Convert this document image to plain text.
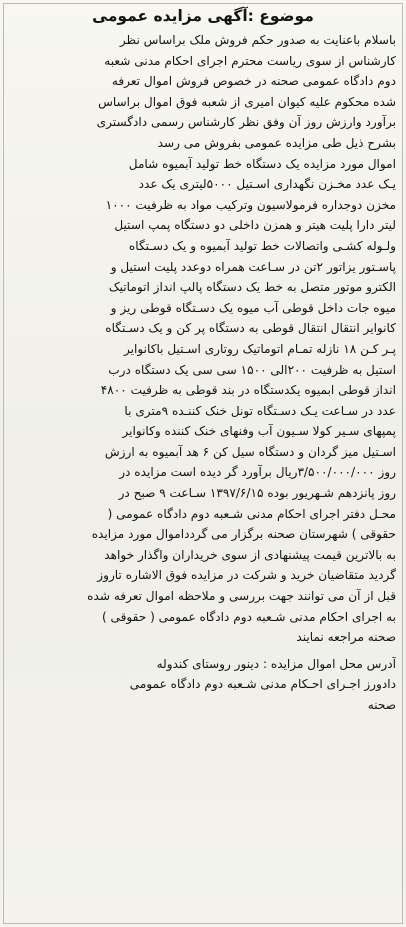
موضوع :آگهی مزایده عمومی
باسلام باعنایت به صدور حکم فروش ملک براساس نظر
کارشناس از سوی ریاست محترم اجرای احکام مدنی شعبه
دوم دادگاه عمومی صحنه در خصوص فروش اموال تعرفه
شده محکوم علیه کیوان امیری از شعبه فوق اموال براساس
برآورد وارزش روز آن وفق نظر کارشناس رسمی دادگستری
بشرح ذیل طی مزایده عمومی بفروش می رسد
اموال مورد مزایده یک دستگاه خط تولید آبمیوه شامل
یـک عدد مخـزن نگهداری اسـتیل ۵۰۰۰لیتری یک عدد
مخزن دوجداره فرمولاسیون وترکیب مواد به ظرفیت ۱۰۰۰
لیتر دارا پلیت هیتر و همزن داخلی دو دستگاه پمپ استیل
ولـوله کشـی واتصالات خط تولید آبمیوه و یک دسـتگاه
پاسـتور یزاتور ۲تن در سـاعت همراه دوعدد پلیت استیل و
الکترو موتور متصل به خط یک دستگاه پالپ انداز اتوماتیک
میوه جات داخل قوطی آب میوه یک دسـتگاه قوطی ریز و
کانوایر انتقال انتقال قوطی به دستگاه پر کن و یک دسـتگاه
پـر کـن ۱۸ نازله تمـام اتوماتیک روتاری اسـتیل باکانوایر
استیل به ظرفیت ۲۰۰الی ۱۵۰۰ سی سی یک دستگاه درب
انداز قوطی ابمیوه یکدستگاه در بند قوطی به ظرفیت ۴۸۰۰
عدد در سـاعت یـک دسـتگاه تونل خنک کننـده ۹متری با
پمپهای سـیر کولا سـیون آب وفنهای خنک کننده وکانوایر
اسـتیل میز گردان و دستگاه سیل کن ۶ هد آبمیوه به ارزش
روز ۳/۵۰۰/۰۰۰/۰۰۰ریال برآورد گر دیده است مزایده در
روز پانزدهم شـهریور بوده ۱۳۹۷/۶/۱۵ سـاعت ۹ صبح در
محـل دفتر اجرای احکام مدنی شـعبه دوم دادگاه عمومی (
حقوقی ) شهرستان صحنه برگزار می گردداموال مورد مزایده
به بالاترین قیمت پیشنهادی از سوی خریداران واگذار خواهد
گردید متقاضیان خرید و شرکت در مزایده فوق الاشاره تاروز
قبل از آن می توانند جهت بررسی و ملاحظه اموال تعرفه شده
به اجرای احکام مدنی شـعبه دوم دادگاه عمومی ( حقوقی )
صحنه مراجعه نمایند
آدرس محل اموال مزایده : دینور روستای کندوله
دادورز اجـرای احـکام مدنی شـعبه دوم دادگاه عمومی
صحنه
